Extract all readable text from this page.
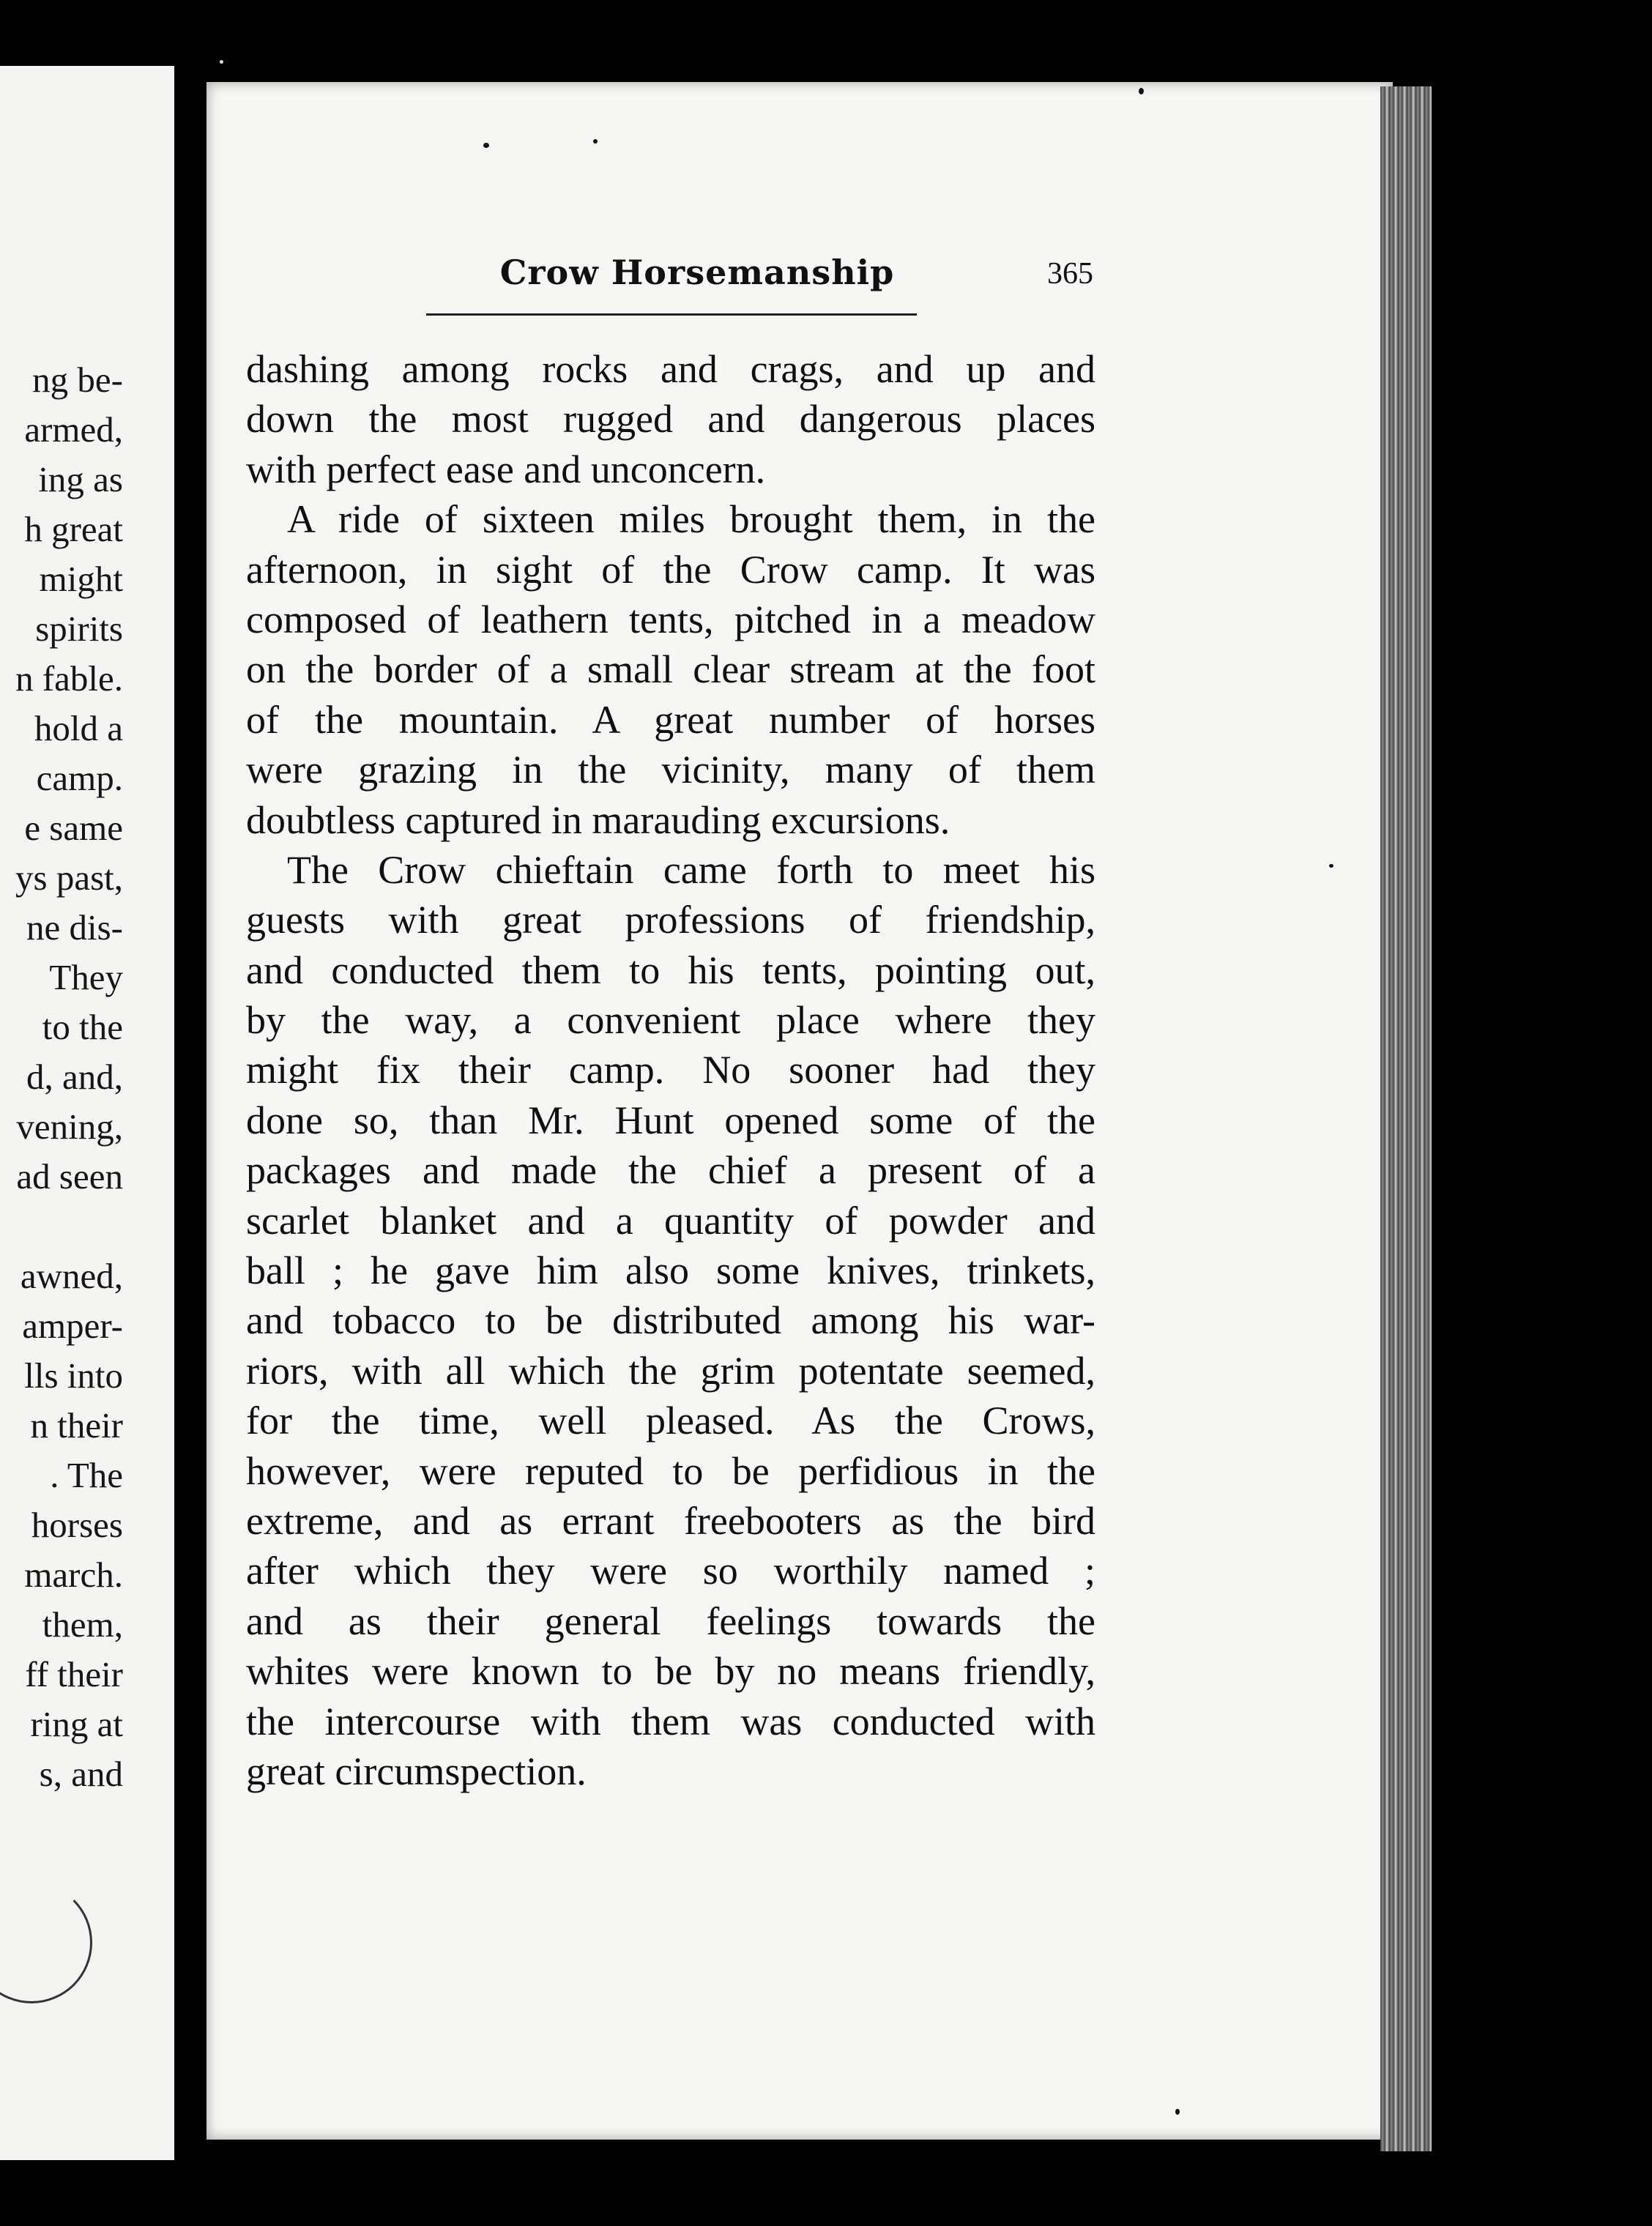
ng be-
armed,
ing as
h great
might
spirits
n fable.
hold a
camp.
e same
ys past,
ne dis-
They
to the
d, and,
vening,
ad seen
awned,
amper-
lls into
n their
. The
horses
march.
them,
ff their
ring at
s, and
Crow Horsemanship	365
dashing among rocks and crags, and up and
down the most rugged and dangerous places
with perfect ease and unconcern.
A ride of sixteen miles brought them, in the
afternoon, in sight of the Crow camp. It was
composed of leathern tents, pitched in a meadow
on the border of a small clear stream at the foot
of the mountain. A great number of horses
were grazing in the vicinity, many of them
doubtless captured in marauding excursions.
The Crow chieftain came forth to meet his
guests with great professions of friendship,
and conducted them to his tents, pointing out,
by the way, a convenient place where they
might fix their camp. No sooner had they
done so, than Mr. Hunt opened some of the
packages and made the chief a present of a
scarlet blanket and a quantity of powder and
ball ; he gave him also some knives, trinkets,
and tobacco to be distributed among his war-
riors, with all which the grim potentate seemed,
for the time, well pleased. As the Crows,
however, were reputed to be perfidious in the
extreme, and as errant freebooters as the bird
after which they were so worthily named ;
and as their general feelings towards the
whites were known to be by no means friendly,
the intercourse with them was conducted with
great circumspection.
